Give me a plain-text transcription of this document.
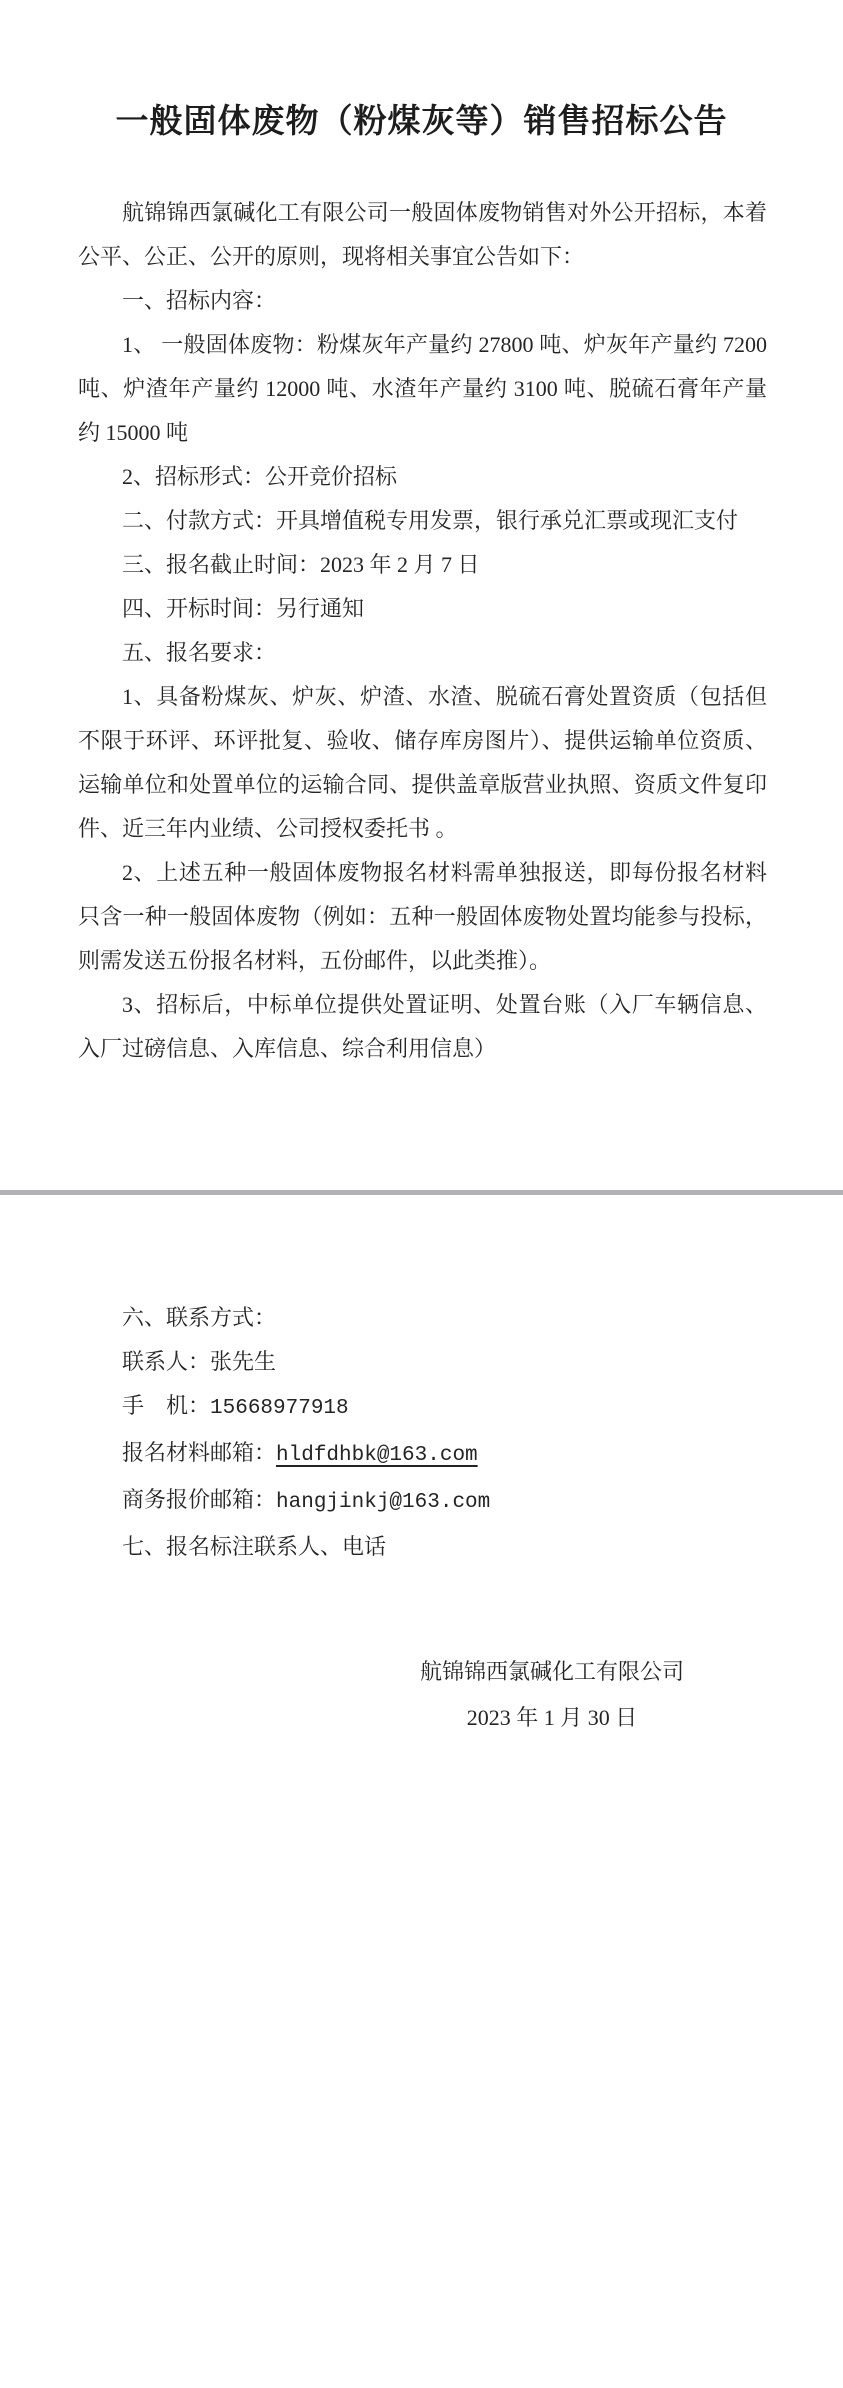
一般固体废物（粉煤灰等）销售招标公告

航锦锦西氯碱化工有限公司一般固体废物销售对外公开招标，本着公平、公正、公开的原则，现将相关事宜公告如下：

一、招标内容：

1、 一般固体废物：粉煤灰年产量约 27800 吨、炉灰年产量约 7200 吨、炉渣年产量约 12000 吨、水渣年产量约 3100 吨、脱硫石膏年产量约 15000 吨

2、招标形式：公开竞价招标

二、付款方式：开具增值税专用发票，银行承兑汇票或现汇支付

三、报名截止时间：2023 年 2 月 7 日

四、开标时间：另行通知

五、报名要求：

1、具备粉煤灰、炉灰、炉渣、水渣、脱硫石膏处置资质（包括但不限于环评、环评批复、验收、储存库房图片）、提供运输单位资质、运输单位和处置单位的运输合同、提供盖章版营业执照、资质文件复印件、近三年内业绩、公司授权委托书 。

2、上述五种一般固体废物报名材料需单独报送，即每份报名材料只含一种一般固体废物（例如：五种一般固体废物处置均能参与投标，则需发送五份报名材料，五份邮件，以此类推）。

3、招标后，中标单位提供处置证明、处置台账（入厂车辆信息、入厂过磅信息、入库信息、综合利用信息）

六、联系方式：

联系人：张先生

手　机：15668977918

报名材料邮箱：hldfdhbk@163.com

商务报价邮箱：hangjinkj@163.com

七、报名标注联系人、电话

航锦锦西氯碱化工有限公司

2023 年 1 月 30 日
